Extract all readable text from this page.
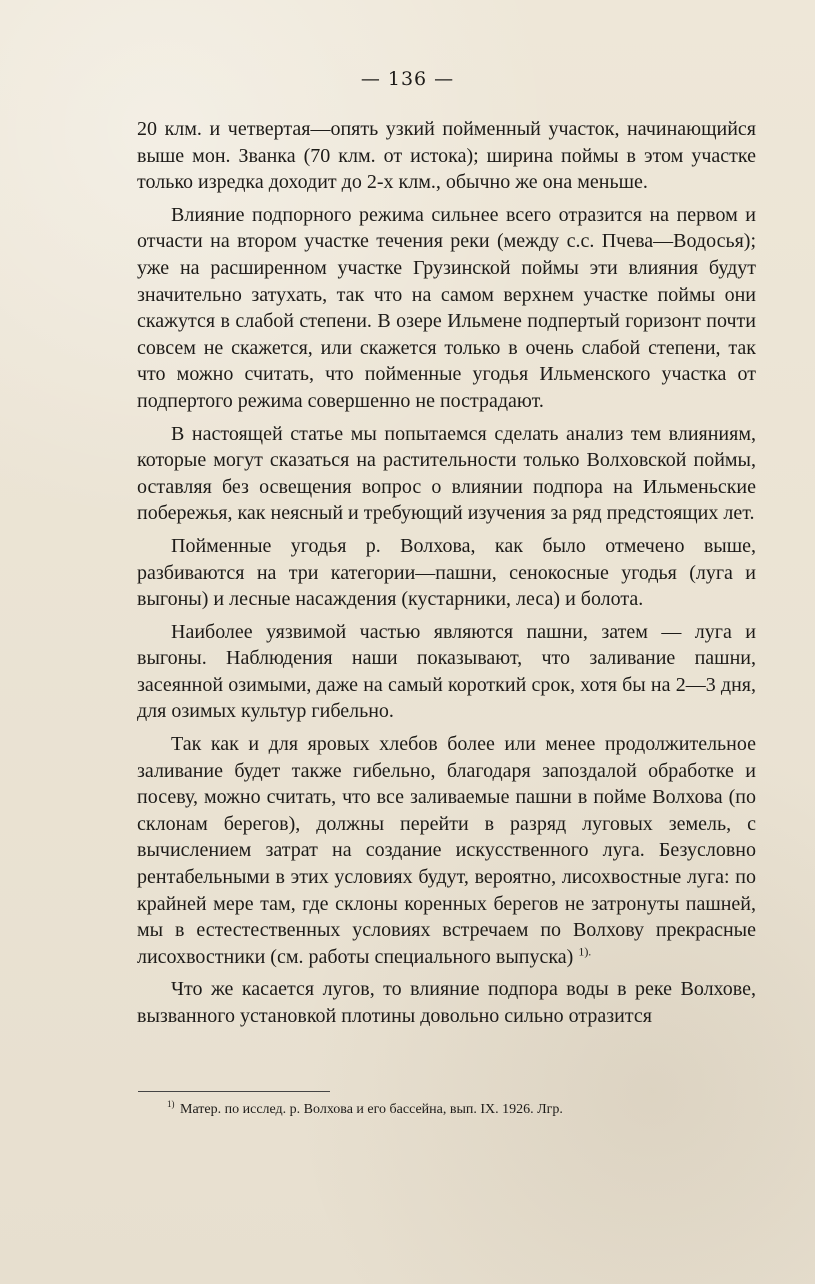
— 136 —

20 клм. и четвертая—опять узкий пойменный участок, начинающийся выше мон. Званка (70 клм. от истока); ширина поймы в этом участке только изредка доходит до 2-х клм., обычно же она меньше.

Влияние подпорного режима сильнее всего отразится на первом и отчасти на втором участке течения реки (между с.с. Пчева—Водосья); уже на расширенном участке Грузинской поймы эти влияния будут значительно затухать, так что на самом верхнем участке поймы они скажутся в слабой степени. В озере Ильмене подпертый горизонт почти совсем не скажется, или скажется только в очень слабой степени, так что можно считать, что пойменные угодья Ильменского участка от подпертого режима совершенно не пострадают.

В настоящей статье мы попытаемся сделать анализ тем влияниям, которые могут сказаться на растительности только Волховской поймы, оставляя без освещения вопрос о влиянии подпора на Ильменьские побережья, как неясный и требующий изучения за ряд предстоящих лет.

Пойменные угодья р. Волхова, как было отмечено выше, разбиваются на три категории—пашни, сенокосные угодья (луга и выгоны) и лесные насаждения (кустарники, леса) и болота.

Наиболее уязвимой частью являются пашни, затем — луга и выгоны. Наблюдения наши показывают, что заливание пашни, засеянной озимыми, даже на самый короткий срок, хотя бы на 2—3 дня, для озимых культур гибельно.

Так как и для яровых хлебов более или менее продолжительное заливание будет также гибельно, благодаря запоздалой обработке и посеву, можно считать, что все заливаемые пашни в пойме Волхова (по склонам берегов), должны перейти в разряд луговых земель, с вычислением затрат на создание искусственного луга. Безусловно рентабельными в этих условиях будут, вероятно, лисохвостные луга: по крайней мере там, где склоны коренных берегов не затронуты пашней, мы в естестественных условиях встречаем по Волхову прекрасные лисохвостники (см. работы специального выпуска) $^{1).}$

Что же касается лугов, то влияние подпора воды в реке Волхове, вызванного установкой плотины довольно сильно отразится

$^{1)}$ Матер. по исслед. р. Волхова и его бассейна, вып. IX. 1926. Лгр.
